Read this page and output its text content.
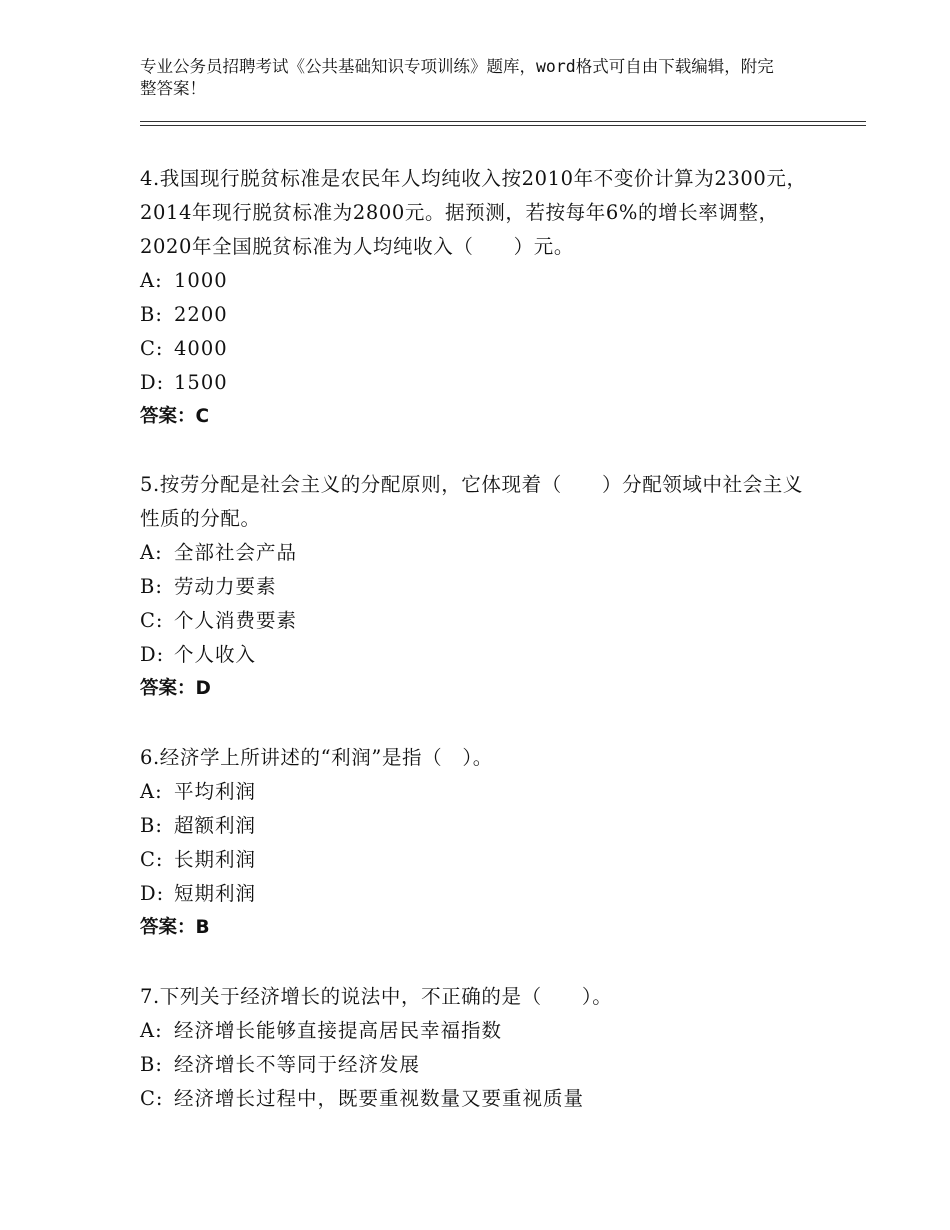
专业公务员招聘考试《公共基础知识专项训练》题库，word格式可自由下载编辑，附完整答案！

4.我国现行脱贫标准是农民年人均纯收入按2010年不变价计算为2300元，2014年现行脱贫标准为2800元。据预测，若按每年6%的增长率调整，2020年全国脱贫标准为人均纯收入（　　）元。

A: 1000

B: 2200

C: 4000

D: 1500

答案：C

5.按劳分配是社会主义的分配原则，它体现着（　　）分配领域中社会主义性质的分配。

A: 全部社会产品

B: 劳动力要素

C: 个人消费要素

D: 个人收入

答案：D

6.经济学上所讲述的“利润”是指（　）。

A: 平均利润

B: 超额利润

C: 长期利润

D: 短期利润

答案：B

7.下列关于经济增长的说法中，不正确的是（　　）。

A: 经济增长能够直接提高居民幸福指数

B: 经济增长不等同于经济发展

C: 经济增长过程中，既要重视数量又要重视质量
